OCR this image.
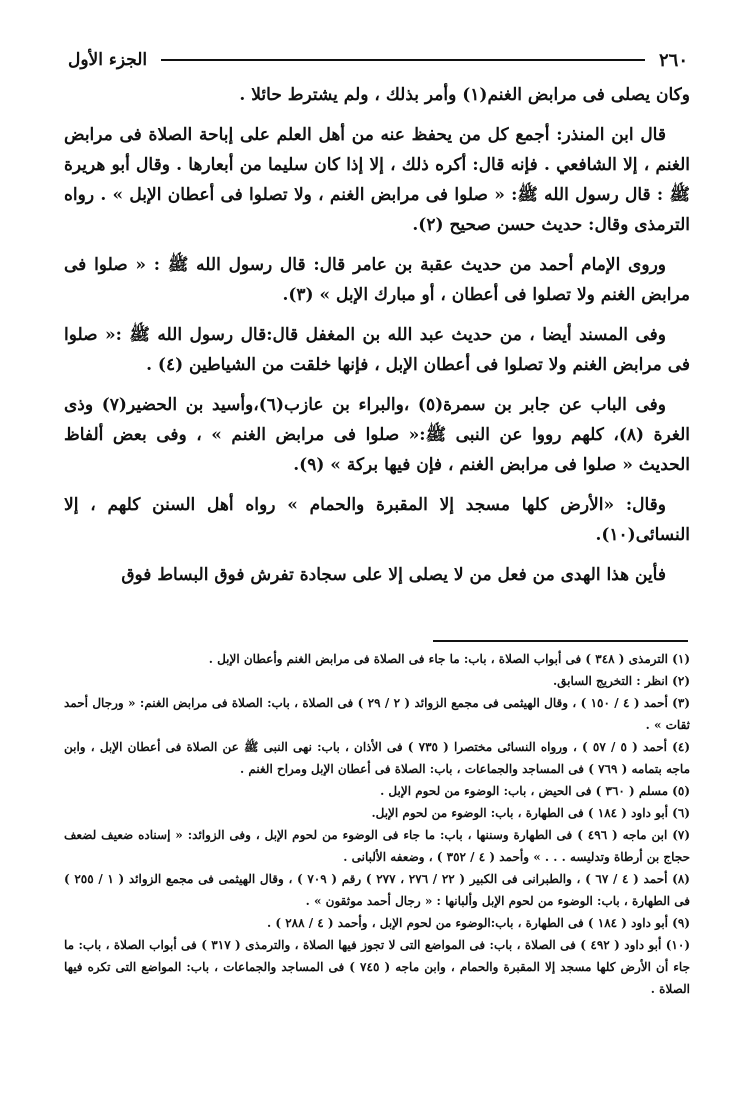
٢٦٠
الجزء الأول

وكان يصلى فى مرابض الغنم(١) وأمر بذلك ، ولم يشترط حائلا .

قال ابن المنذر: أجمع كل من يحفظ عنه من أهل العلم على إباحة الصلاة فى مرابض الغنم ، إلا الشافعي . فإنه قال: أكره ذلك ، إلا إذا كان سليما من أبعارها . وقال أبو هريرة ﷺ : قال رسول الله ﷺ: « صلوا فى مرابض الغنم ، ولا تصلوا فى أعطان الإبل » . رواه الترمذى وقال: حديث حسن صحيح (٢).

وروى الإمام أحمد من حديث عقبة بن عامر قال: قال رسول الله ﷺ : « صلوا فى مرابض الغنم ولا تصلوا فى أعطان ، أو مبارك الإبل » (٣).

وفى المسند أيضا ، من حديث عبد الله بن المغفل قال:قال رسول الله ﷺ :« صلوا فى مرابض الغنم ولا تصلوا فى أعطان الإبل ، فإنها خلقت من الشياطين (٤) .

وفى الباب عن جابر بن سمرة(٥) ،والبراء بن عازب(٦)،وأسيد بن الحضير(٧) وذى الغرة (٨)، كلهم رووا عن النبى ﷺ:« صلوا فى مرابض الغنم » ، وفى بعض ألفاظ الحديث « صلوا فى مرابض الغنم ، فإن فيها بركة » (٩).

وقال: «الأرض كلها مسجد إلا المقبرة والحمام » رواه أهل السنن كلهم ، إلا النسائى(١٠).

فأين هذا الهدى من فعل من لا يصلى إلا على سجادة تفرش فوق البساط فوق

(١) الترمذى ( ٣٤٨ ) فى أبواب الصلاة ، باب: ما جاء فى الصلاة فى مرابض الغنم وأعطان الإبل .

(٢) انظر : التخريج السابق.

(٣) أحمد ( ٤ / ١٥٠ ) ، وقال الهيثمى فى مجمع الزوائد ( ٢ / ٢٩ ) فى الصلاة ، باب: الصلاة فى مرابض الغنم: « ورجال أحمد ثقات » .

(٤) أحمد ( ٥ / ٥٧ ) ، ورواه النسائى مختصرا ( ٧٣٥ ) فى الأذان ، باب: نهى النبى ﷺ عن الصلاة فى أعطان الإبل ، وابن ماجه بتمامه ( ٧٦٩ ) فى المساجد والجماعات ، باب: الصلاة فى أعطان الإبل ومراح الغنم .

(٥) مسلم ( ٣٦٠ ) فى الحيض ، باب: الوضوء من لحوم الإبل .

(٦) أبو داود ( ١٨٤ ) فى الطهارة ، باب: الوضوء من لحوم الإبل.

(٧) ابن ماجه ( ٤٩٦ ) فى الطهارة وسننها ، باب: ما جاء فى الوضوء من لحوم الإبل ، وفى الزوائد: « إسناده ضعيف لضعف حجاج بن أرطاة وتدليسه . . . » وأحمد ( ٤ / ٣٥٢ ) ، وضعفه الألبانى .

(٨) أحمد ( ٤ / ٦٧ ) ، والطبرانى فى الكبير ( ٢٢ / ٢٧٦ ، ٢٧٧ ) رقم ( ٧٠٩ ) ، وقال الهيثمى فى مجمع الزوائد ( ١ / ٢٥٥ ) فى الطهارة ، باب: الوضوء من لحوم الإبل وألبانها : « رجال أحمد موثقون » .

(٩) أبو داود ( ١٨٤ ) فى الطهارة ، باب:الوضوء من لحوم الإبل ، وأحمد ( ٤ / ٢٨٨ ) .

(١٠) أبو داود ( ٤٩٢ ) فى الصلاة ، باب: فى المواضع التى لا تجوز فيها الصلاة ، والترمذى ( ٣١٧ ) فى أبواب الصلاة ، باب: ما جاء أن الأرض كلها مسجد إلا المقبرة والحمام ، وابن ماجه ( ٧٤٥ ) فى المساجد والجماعات ، باب: المواضع التى تكره فيها الصلاة .
